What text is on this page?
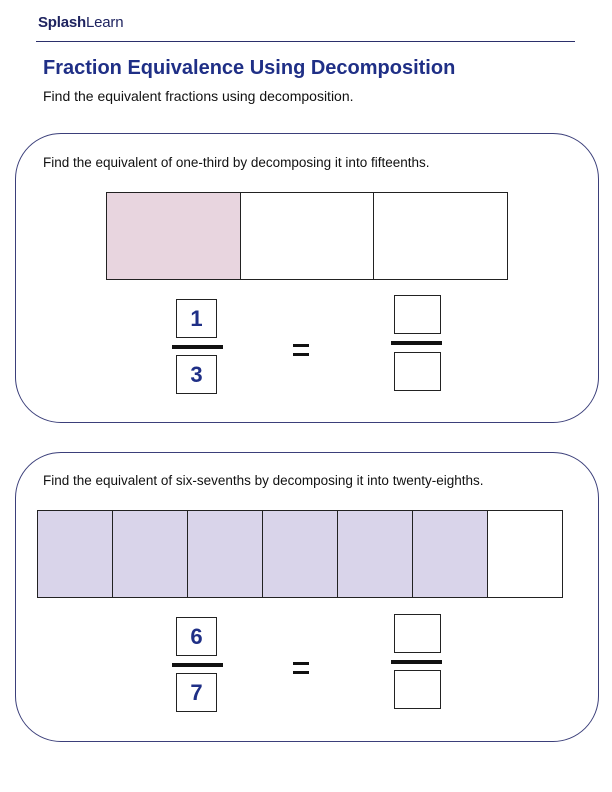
SplashLearn
Fraction Equivalence Using Decomposition
Find the equivalent fractions using decomposition.
Find the equivalent of one-third by decomposing it into fifteenths.
1
3
Find the equivalent of six-sevenths by decomposing it into twenty-eighths.
6
7
